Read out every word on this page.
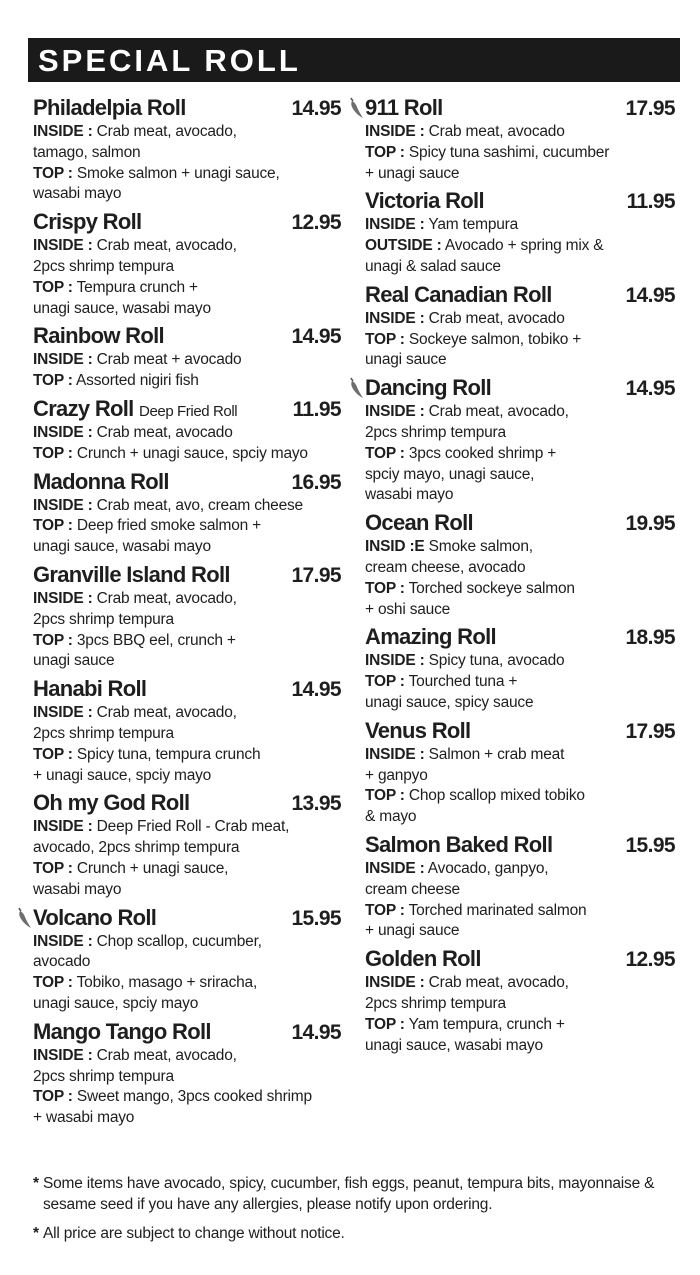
SPECIAL ROLL
Philadelpia Roll	14.95
INSIDE : Crab meat, avocado,
tamago, salmon
TOP : Smoke salmon + unagi sauce,
wasabi mayo
Crispy Roll	12.95
INSIDE : Crab meat, avocado,
2pcs shrimp tempura
TOP : Tempura crunch +
unagi sauce, wasabi mayo
Rainbow Roll	14.95
INSIDE : Crab meat + avocado
TOP : Assorted nigiri fish
Crazy Roll Deep Fried Roll	11.95
INSIDE : Crab meat, avocado
TOP : Crunch + unagi sauce, spciy mayo
Madonna Roll	16.95
INSIDE : Crab meat, avo, cream cheese
TOP : Deep fried smoke salmon +
unagi sauce, wasabi mayo
Granville Island Roll	17.95
INSIDE : Crab meat, avocado,
2pcs shrimp tempura
TOP : 3pcs BBQ eel, crunch +
unagi sauce
Hanabi Roll	14.95
INSIDE : Crab meat, avocado,
2pcs shrimp tempura
TOP : Spicy tuna, tempura crunch
+ unagi sauce, spciy mayo
Oh my God Roll	13.95
INSIDE : Deep Fried Roll - Crab meat,
avocado, 2pcs shrimp tempura
TOP : Crunch + unagi sauce,
wasabi mayo
Volcano Roll	15.95
INSIDE : Chop scallop, cucumber,
avocado
TOP : Tobiko, masago + sriracha,
unagi sauce, spciy mayo
Mango Tango Roll	14.95
INSIDE : Crab meat, avocado,
2pcs shrimp tempura
TOP : Sweet mango, 3pcs cooked shrimp
+ wasabi mayo
911 Roll	17.95
INSIDE : Crab meat, avocado
TOP : Spicy tuna sashimi, cucumber
+ unagi sauce
Victoria Roll	11.95
INSIDE : Yam tempura
OUTSIDE : Avocado + spring mix &
unagi & salad sauce
Real Canadian Roll	14.95
INSIDE : Crab meat, avocado
TOP : Sockeye salmon, tobiko +
unagi sauce
Dancing Roll	14.95
INSIDE : Crab meat, avocado,
2pcs shrimp tempura
TOP : 3pcs cooked shrimp +
spciy mayo, unagi sauce,
wasabi mayo
Ocean Roll	19.95
INSID :E Smoke salmon,
cream cheese, avocado
TOP : Torched sockeye salmon
+ oshi sauce
Amazing Roll	18.95
INSIDE : Spicy tuna, avocado
TOP : Tourched tuna +
unagi sauce, spicy sauce
Venus Roll	17.95
INSIDE : Salmon + crab meat
+ ganpyo
TOP : Chop scallop mixed tobiko
& mayo
Salmon Baked Roll	15.95
INSIDE : Avocado, ganpyo,
cream cheese
TOP : Torched marinated salmon
+ unagi sauce
Golden Roll	12.95
INSIDE : Crab meat, avocado,
2pcs shrimp tempura
TOP : Yam tempura, crunch +
unagi sauce, wasabi mayo
* Some items have avocado, spicy, cucumber, fish eggs, peanut, tempura bits, mayonnaise & sesame seed if you have any allergies, please notify upon ordering.
* All price are subject to change without notice.
